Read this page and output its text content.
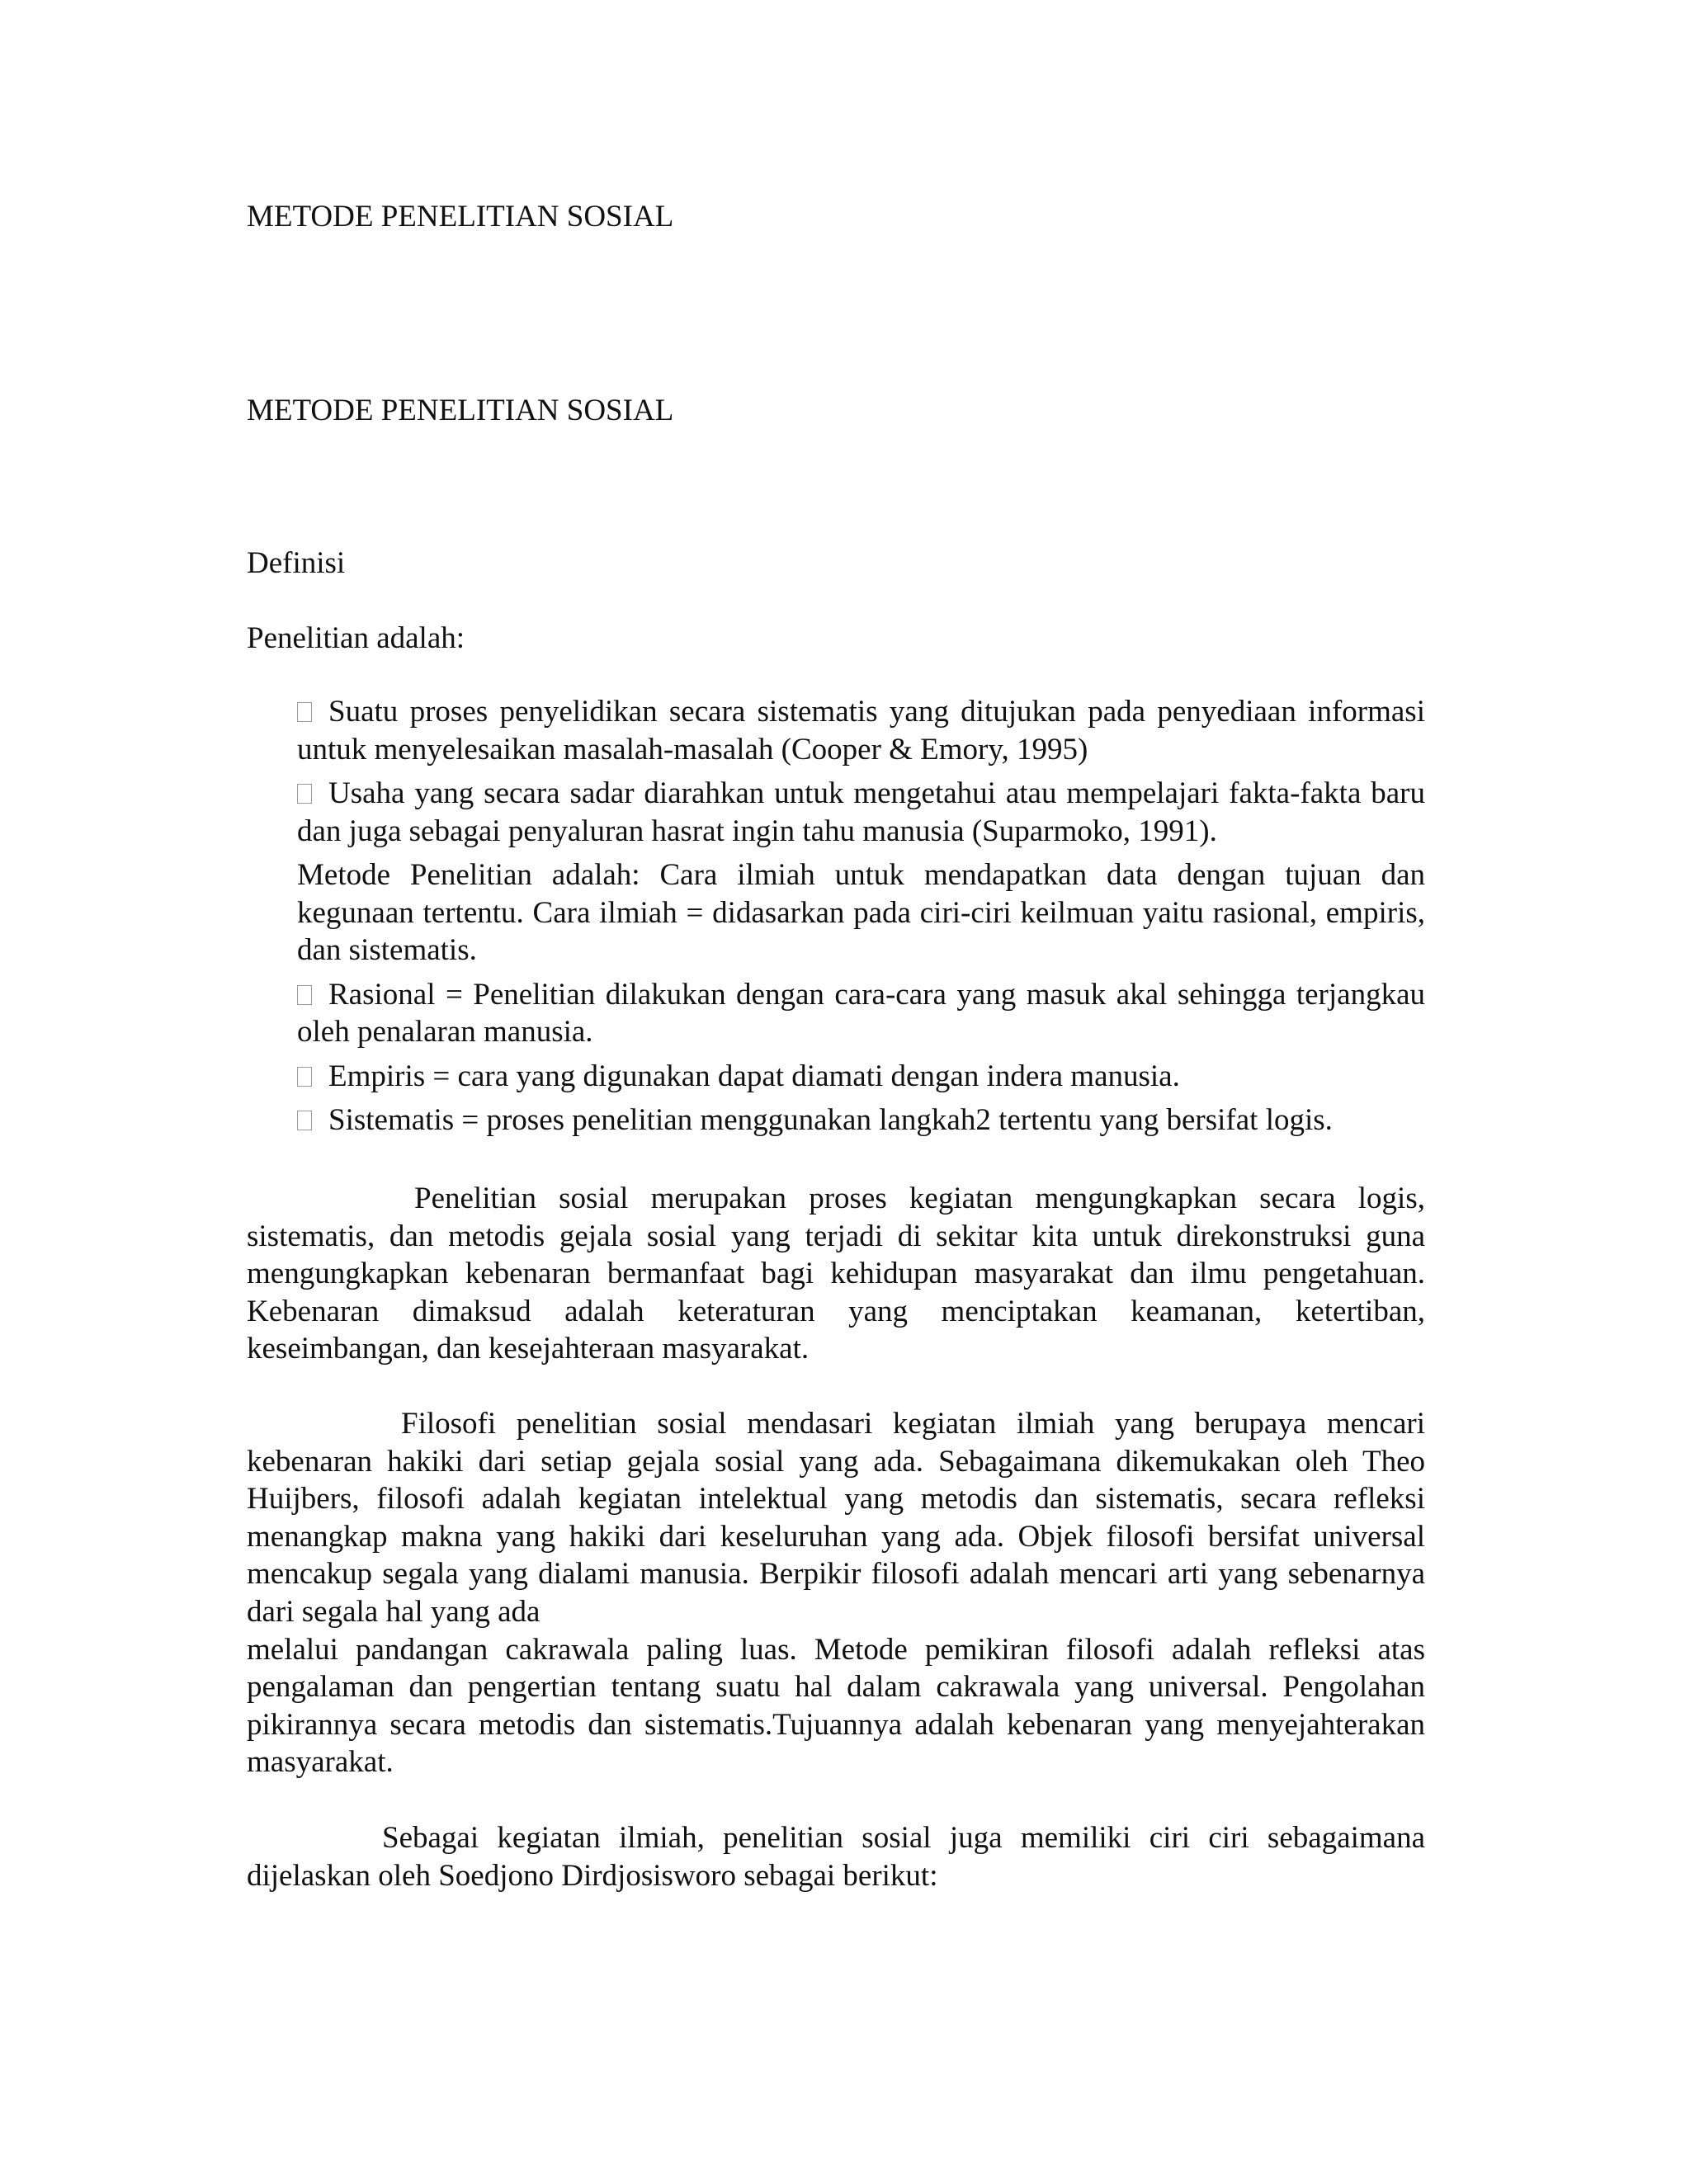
METODE PENELITIAN SOSIAL
METODE PENELITIAN SOSIAL
Definisi
Penelitian adalah:
Suatu proses penyelidikan secara sistematis yang ditujukan pada penyediaan informasi untuk menyelesaikan masalah-masalah (Cooper & Emory, 1995)
Usaha yang secara sadar diarahkan untuk mengetahui atau mempelajari fakta-fakta baru dan juga sebagai penyaluran hasrat ingin tahu manusia (Suparmoko, 1991).
Metode Penelitian adalah: Cara ilmiah untuk mendapatkan data dengan tujuan dan kegunaan tertentu. Cara ilmiah = didasarkan pada ciri-ciri keilmuan yaitu rasional, empiris, dan sistematis.
Rasional = Penelitian dilakukan dengan cara-cara yang masuk akal sehingga terjangkau oleh penalaran manusia.
Empiris = cara yang digunakan dapat diamati dengan indera manusia.
Sistematis = proses penelitian menggunakan langkah2 tertentu yang bersifat logis.
Penelitian sosial merupakan proses kegiatan mengungkapkan secara logis, sistematis, dan metodis gejala sosial yang terjadi di sekitar kita untuk direkonstruksi guna mengungkapkan kebenaran bermanfaat bagi kehidupan masyarakat dan ilmu pengetahuan. Kebenaran dimaksud adalah keteraturan yang menciptakan keamanan, ketertiban, keseimbangan, dan kesejahteraan masyarakat.

Filosofi penelitian sosial mendasari kegiatan ilmiah yang berupaya mencari kebenaran hakiki dari setiap gejala sosial yang ada. Sebagaimana dikemukakan oleh Theo Huijbers, filosofi adalah kegiatan intelektual yang metodis dan sistematis, secara refleksi menangkap makna yang hakiki dari keseluruhan yang ada. Objek filosofi bersifat universal mencakup segala yang dialami manusia. Berpikir filosofi adalah mencari arti yang sebenarnya dari segala hal yang ada

melalui pandangan cakrawala paling luas. Metode pemikiran filosofi adalah refleksi atas pengalaman dan pengertian tentang suatu hal dalam cakrawala yang universal. Pengolahan pikirannya secara metodis dan sistematis.Tujuannya adalah kebenaran yang menyejahterakan masyarakat.

Sebagai kegiatan ilmiah, penelitian sosial juga memiliki ciri ciri sebagaimana dijelaskan oleh Soedjono Dirdjosisworo sebagai berikut:
